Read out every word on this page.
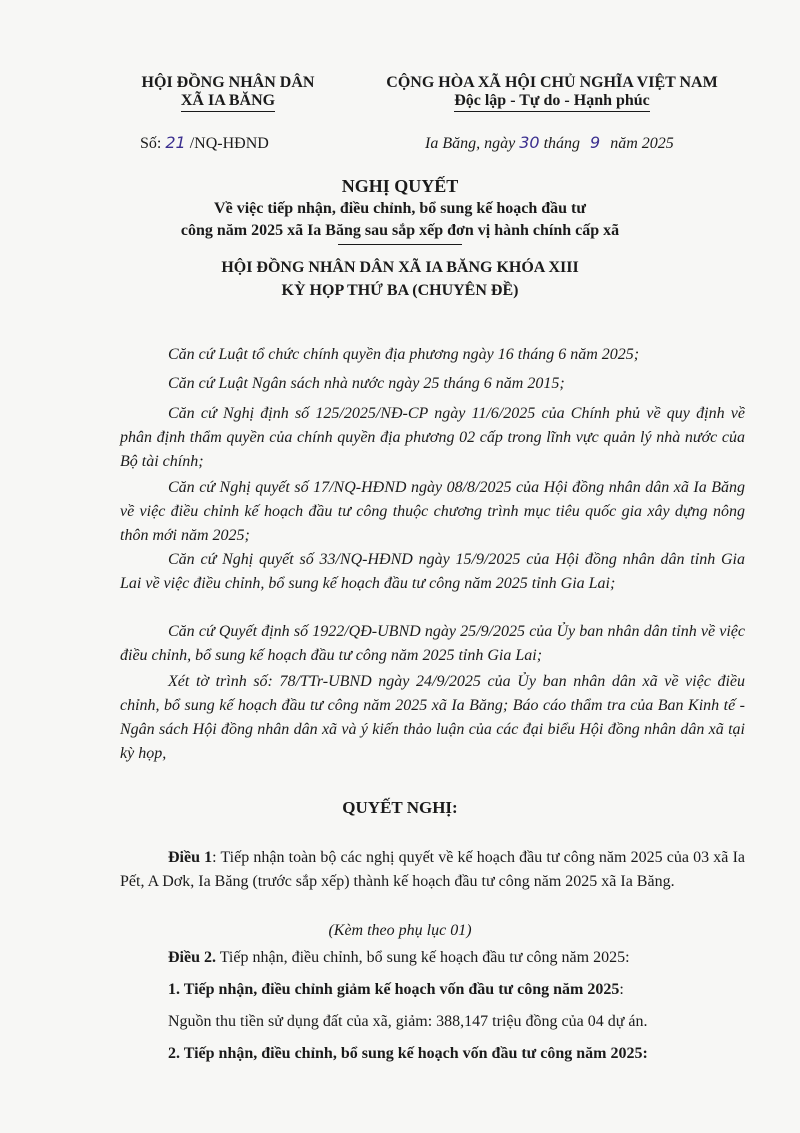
HỘI ĐỒNG NHÂN DÂN
XÃ IA BĂNG
Số: 21 /NQ-HĐND
CỘNG HÒA XÃ HỘI CHỦ NGHĨA VIỆT NAM
Độc lập - Tự do - Hạnh phúc
Ia Băng, ngày 30 tháng 9 năm 2025
NGHỊ QUYẾT
Về việc tiếp nhận, điều chỉnh, bổ sung kế hoạch đầu tư
công năm 2025 xã Ia Băng sau sắp xếp đơn vị hành chính cấp xã
HỘI ĐỒNG NHÂN DÂN XÃ IA BĂNG KHÓA XIII
KỲ HỌP THỨ BA (CHUYÊN ĐỀ)
Căn cứ Luật tổ chức chính quyền địa phương ngày 16 tháng 6 năm 2025;
Căn cứ Luật Ngân sách nhà nước ngày 25 tháng 6 năm 2015;
Căn cứ Nghị định số 125/2025/NĐ-CP ngày 11/6/2025 của Chính phủ về quy định về phân định thẩm quyền của chính quyền địa phương 02 cấp trong lĩnh vực quản lý nhà nước của Bộ tài chính;
Căn cứ Nghị quyết số 17/NQ-HĐND ngày 08/8/2025 của Hội đồng nhân dân xã Ia Băng về việc điều chỉnh kế hoạch đầu tư công thuộc chương trình mục tiêu quốc gia xây dựng nông thôn mới năm 2025;
Căn cứ Nghị quyết số 33/NQ-HĐND ngày 15/9/2025 của Hội đồng nhân dân tỉnh Gia Lai về việc điều chỉnh, bổ sung kế hoạch đầu tư công năm 2025 tỉnh Gia Lai;
Căn cứ Quyết định số 1922/QĐ-UBND ngày 25/9/2025 của Ủy ban nhân dân tỉnh về việc điều chỉnh, bổ sung kế hoạch đầu tư công năm 2025 tỉnh Gia Lai;
Xét tờ trình số: 78/TTr-UBND ngày 24/9/2025 của Ủy ban nhân dân xã về việc điều chỉnh, bổ sung kế hoạch đầu tư công năm 2025 xã Ia Băng; Báo cáo thẩm tra của Ban Kinh tế - Ngân sách Hội đồng nhân dân xã và ý kiến thảo luận của các đại biểu Hội đồng nhân dân xã tại kỳ họp,
QUYẾT NGHỊ:
Điều 1: Tiếp nhận toàn bộ các nghị quyết về kế hoạch đầu tư công năm 2025 của 03 xã Ia Pết, A Dơk, Ia Băng (trước sắp xếp) thành kế hoạch đầu tư công năm 2025 xã Ia Băng.
(Kèm theo phụ lục 01)
Điều 2. Tiếp nhận, điều chỉnh, bổ sung kế hoạch đầu tư công năm 2025:
1. Tiếp nhận, điều chỉnh giảm kế hoạch vốn đầu tư công năm 2025:
Nguồn thu tiền sử dụng đất của xã, giảm: 388,147 triệu đồng của 04 dự án.
2. Tiếp nhận, điều chỉnh, bổ sung kế hoạch vốn đầu tư công năm 2025:
